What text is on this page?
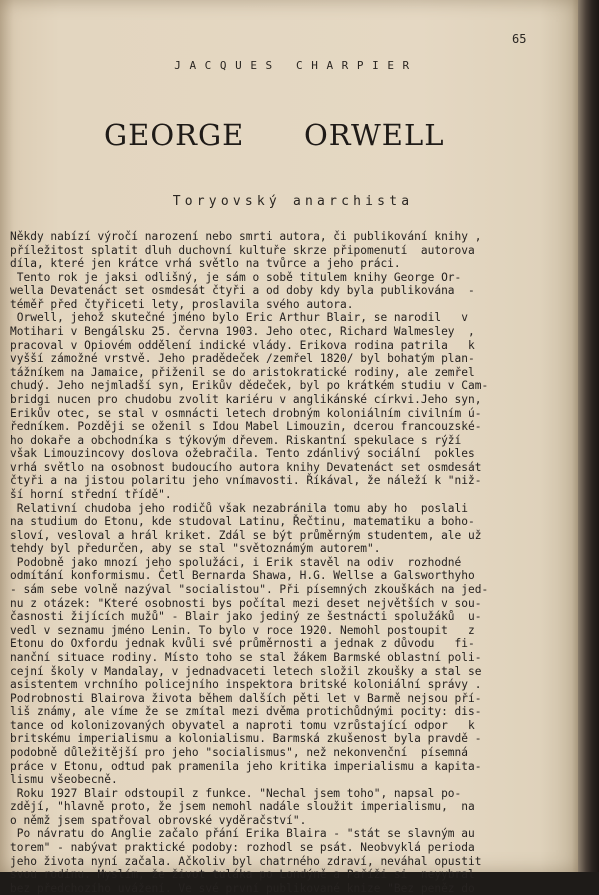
65
JACQUES CHARPIER
GEORGE ORWELL
Toryovský anarchista
Někdy nabízí výročí narození nebo smrti autora, či publikování knihy ,
příležitost splatit dluh duchovní kultuře skrze připomenutí  autorova
díla, které jen krátce vrhá světlo na tvůrce a jeho práci.
Tento rok je jaksi odlišný, je sám o sobě titulem knihy George Or-
wella Devatenáct set osmdesát čtyři a od doby kdy byla publikována  -
téměř před čtyřiceti lety, proslavila svého autora.
Orwell, jehož skutečné jméno bylo Eric Arthur Blair, se narodil   v
Motihari v Bengálsku 25. června 1903. Jeho otec, Richard Walmesley  ,
pracoval v Opiovém oddělení indické vlády. Erikova rodina patrila   k
vyšší zámožné vrstvě. Jeho pradědeček /zemřel 1820/ byl bohatým plan-
tážníkem na Jamaice, přiženil se do aristokratické rodiny, ale zemřel
chudý. Jeho nejmladší syn, Erikův dědeček, byl po krátkém studiu v Cam-
bridgi nucen pro chudobu zvolit kariéru v anglikánské církvi.Jeho syn,
Erikův otec, se stal v osmnácti letech drobným koloniálním civilním ú-
ředníkem. Později se oženil s Idou Mabel Limouzin, dcerou francouzské-
ho dokaře a obchodníka s týkovým dřevem. Riskantní spekulace s rýží
však Limouzincovy doslova ožebračila. Tento zdánlivý sociální  pokles
vrhá světlo na osobnost budoucího autora knihy Devatenáct set osmdesát
čtyři a na jistou polaritu jeho vnímavosti. Říkával, že náleží k "niž-
ší horní střední třídě".
Relativní chudoba jeho rodičů však nezabránila tomu aby ho  poslali
na studium do Etonu, kde studoval Latinu, Řečtinu, matematiku a boho-
sloví, vesloval a hrál kriket. Zdál se být průměrným studentem, ale už
tehdy byl předurčen, aby se stal "světoznámým autorem".
Podobně jako mnozí jeho spolužáci, i Erik stavěl na odiv  rozhodné
odmítání konformismu. Četl Bernarda Shawa, H.G. Wellse a Galsworthyho
- sám sebe volně nazýval "socialistou". Při písemných zkouškách na jed-
nu z otázek: "Které osobnosti bys počítal mezi deset největších v sou-
časnosti žijících mužů" - Blair jako jediný ze šestnácti spolužáků  u-
vedl v seznamu jméno Lenin. To bylo v roce 1920. Nemohl postoupit   z
Etonu do Oxfordu jednak kvůli své průměrnosti a jednak z důvodu   fi-
nanční situace rodiny. Místo toho se stal žákem Barmské oblastní poli-
cejní školy v Mandalay, v jednadvaceti letech složil zkoušky a stal se
asistentem vrchního policejního inspektora britské koloniální správy .
Podrobnosti Blairova života během dalších pěti let v Barmě nejsou pří-
liš známy, ale víme že se zmítal mezi dvěma protichůdnými pocity: dis-
tance od kolonizovaných obyvatel a naproti tomu vzrůstající odpor   k
britskému imperialismu a kolonialismu. Barmská zkušenost byla pravdě -
podobně důležitější pro jeho "socialismus", než nekonvenční  písemná
práce v Etonu, odtud pak pramenila jeho kritika imperialismu a kapita-
lismu všeobecně.
Roku 1927 Blair odstoupil z funkce. "Nechal jsem toho", napsal po-
zdějí, "hlavně proto, že jsem nemohl nadále sloužit imperialismu,  na
o němž jsem spatřoval obrovské vyděračství".
Po návratu do Anglie začalo přání Erika Blaira - "stát se slavným au
torem" - nabývat praktické podoby: rozhodl se psát. Neobvyklá perioda
jeho života nyní začala. Ačkoliv byl chatrného zdraví, neváhal opustit
svou rodinu. Myslím, že život tuláka po Londýně a Paříži si  neyybral
bez předchozího uvážení. Ve své první publikované knize "Bez peněz do
